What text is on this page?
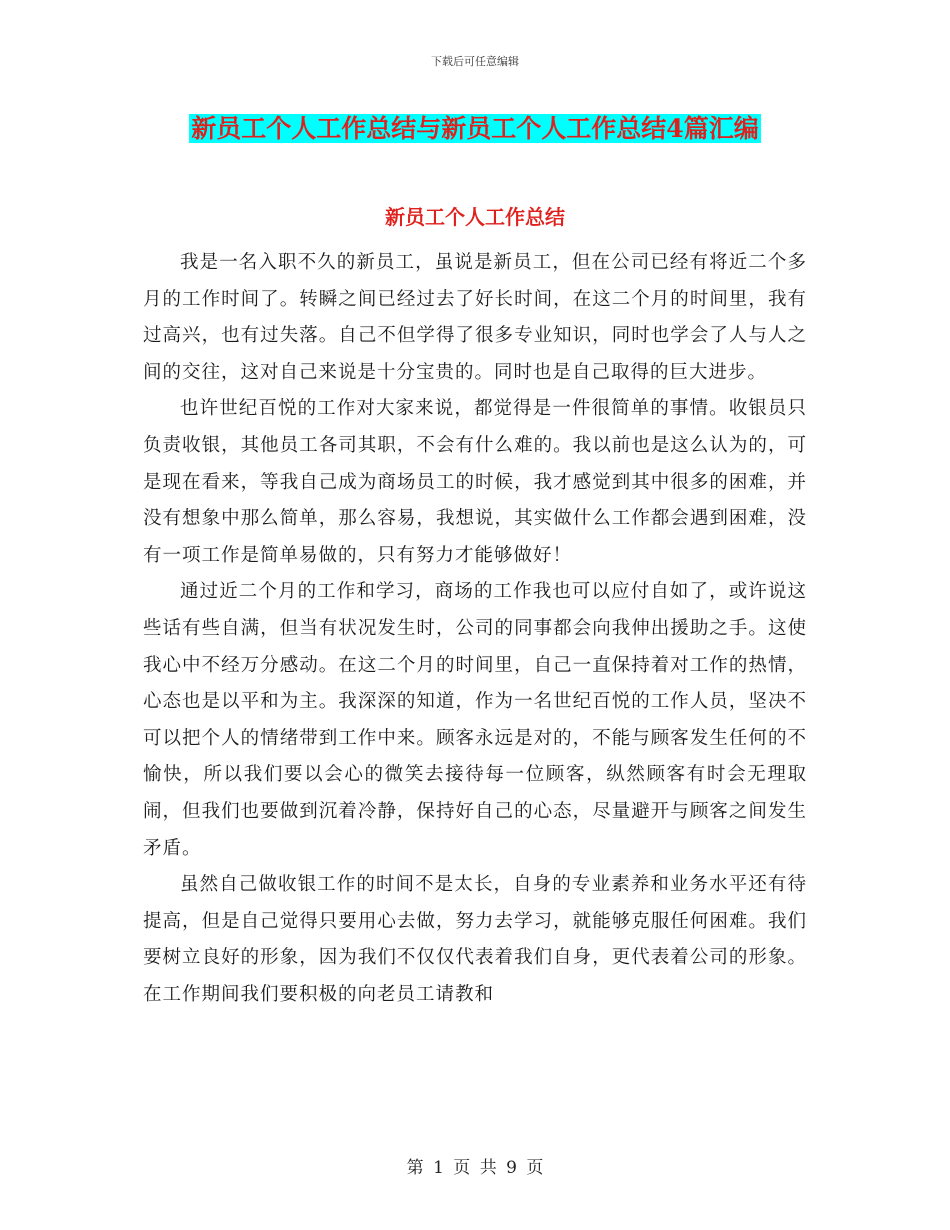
下载后可任意编辑
新员工个人工作总结与新员工个人工作总结4篇汇编
新员工个人工作总结

我是一名入职不久的新员工，虽说是新员工，但在公司已经有将近二个多月的工作时间了。转瞬之间已经过去了好长时间，在这二个月的时间里，我有过高兴，也有过失落。自己不但学得了很多专业知识，同时也学会了人与人之间的交往，这对自己来说是十分宝贵的。同时也是自己取得的巨大进步。

也许世纪百悦的工作对大家来说，都觉得是一件很简单的事情。收银员只负责收银，其他员工各司其职，不会有什么难的。我以前也是这么认为的，可是现在看来，等我自己成为商场员工的时候，我才感觉到其中很多的困难，并没有想象中那么简单，那么容易，我想说，其实做什么工作都会遇到困难，没有一项工作是简单易做的，只有努力才能够做好！

通过近二个月的工作和学习，商场的工作我也可以应付自如了，或许说这些话有些自满，但当有状况发生时，公司的同事都会向我伸出援助之手。这使我心中不经万分感动。在这二个月的时间里，自己一直保持着对工作的热情，心态也是以平和为主。我深深的知道，作为一名世纪百悦的工作人员，坚决不可以把个人的情绪带到工作中来。顾客永远是对的，不能与顾客发生任何的不愉快，所以我们要以会心的微笑去接待每一位顾客，纵然顾客有时会无理取闹，但我们也要做到沉着冷静，保持好自己的心态，尽量避开与顾客之间发生矛盾。

虽然自己做收银工作的时间不是太长，自身的专业素养和业务水平还有待提高，但是自己觉得只要用心去做，努力去学习，就能够克服任何困难。我们要树立良好的形象，因为我们不仅仅代表着我们自身，更代表着公司的形象。在工作期间我们要积极的向老员工请教和

第 1 页 共 9 页
